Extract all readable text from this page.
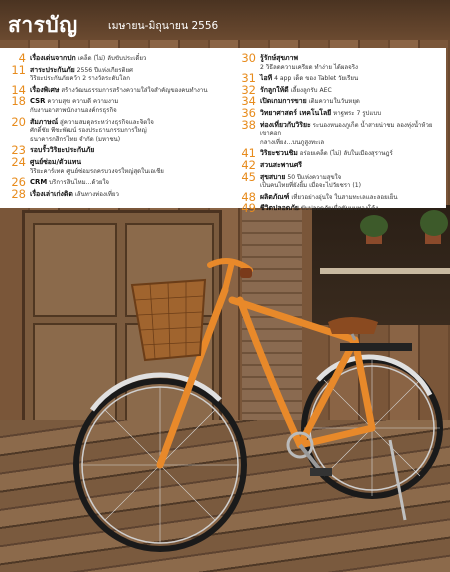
สารบัญ	เมษายน-มิถุนายน 2556
4 เรื่องเด่นจากปก เคล็ด (ไม่) ลับขับประเดี๋ยว
11 สาระประกันภัย 2556 ปีแห่งเกียรติยศ
วิริยะประกันภัยคว้า 2 รางวัลระดับโลก
14 เรื่องพิเศษ สร้างวัฒนธรรมการสร้างความใส่ใจสำคัญของคนทำงาน
18 CSR ความสุข ความดี ความงาม
กับงานอาสาพนักงานองค์กรธุรกิจ
20 สัมภาษณ์ สู่ความสมดุลระหว่างธุรกิจและจิตใจ
ศักดิ์ชัย พีชะพัฒน์ รองประธานกรรมการใหญ่
ธนาคารกสิกรไทย จำกัด (มหาชน)
23 รอบรั้ววิริยะประกันภัย
24 ศูนย์ซ่อม/ตัวแทน
วิริยะคาร์เทค ศูนย์ซ่อมรถครบวงจรใหญ่สุดในเอเชีย
26 CRM บริการสินไหม...ด้วยใจ
28 เรื่องเล่าเก่งติด เส้นทางท่องเที่ยว
30 รู้รักษ์สุขภาพ
2 วิธีลดความเครียด ทำง่าย ได้ผลจริง
31 ไอที 4 app เด็ด ของ Tablet วัยเรียน
32 รักลูกให้ดี เลี้ยงลูกรับ AEC
34 เปิดเกมการขาย เติมความในวันหยุด
36 วิทยาศาสตร์ เทคโนโลยี หาฐพระ 7 รูปแบบ
38 ท่องเที่ยวกับวิริยะ ระนองหนองภูเก็ต น้ำสายน่าชม ลองทุ่งน้ำห้วยเขาคอก
กลางเที่ยง...บนภูสูงทะเล
41 วิริยะชวนชิม อร่อยเคล็ด (ไม่) ลับในเมืองสุราษฎร์
42 สวนสะพานศรี
45 สุขสบาย 50 ปีแห่งความสุขใจ
เป็นคนไทยที่ยังยิ้ม เมื่อจะไปวัยชรา (1)
48 ผลิตภัณฑ์ เที่ยวอย่างอุ่นใจ ในสามทะเลและลอยเย็น
49 ชีวิตปลอดภัย ขับปลอดภัยเมื่อขับบนทางโค้ง
